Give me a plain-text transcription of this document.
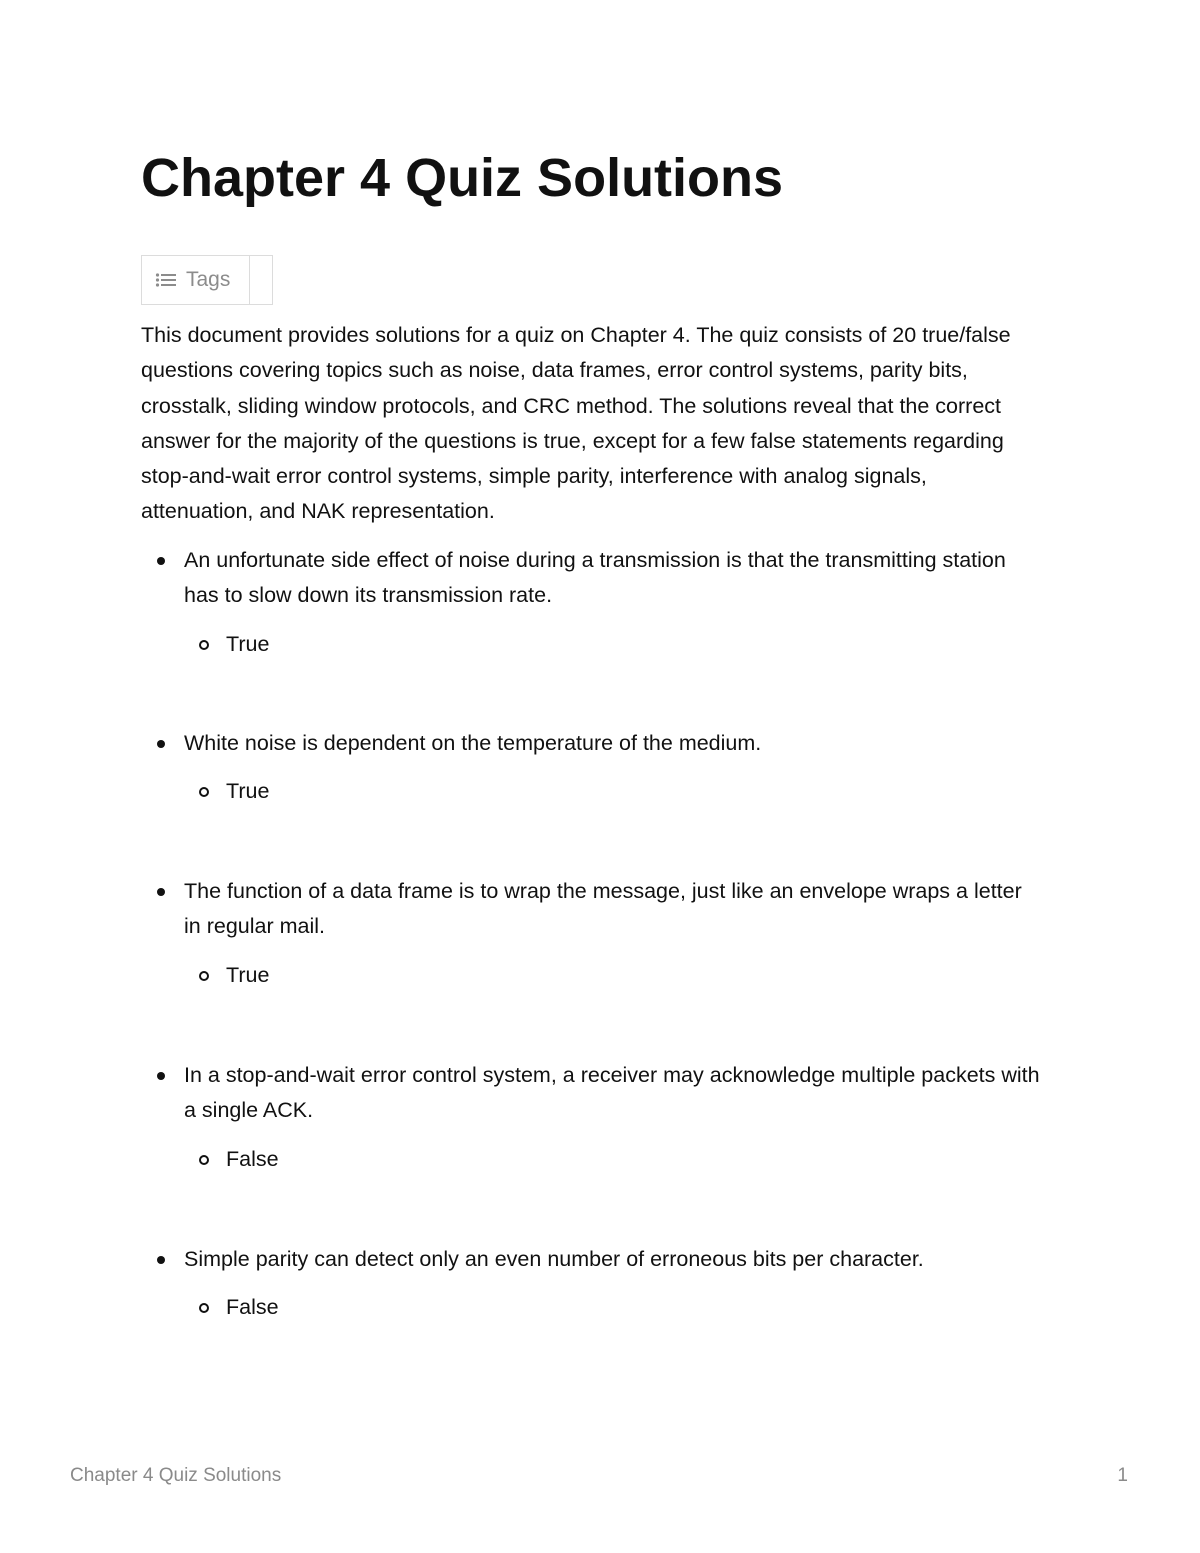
Chapter 4 Quiz Solutions
Tags

This document provides solutions for a quiz on Chapter 4. The quiz consists of 20 true/false questions covering topics such as noise, data frames, error control systems, parity bits, crosstalk, sliding window protocols, and CRC method. The solutions reveal that the correct answer for the majority of the questions is true, except for a few false statements regarding stop-and-wait error control systems, simple parity, interference with analog signals, attenuation, and NAK representation.

An unfortunate side effect of noise during a transmission is that the transmitting station has to slow down its transmission rate.
True
White noise is dependent on the temperature of the medium.
True
The function of a data frame is to wrap the message, just like an envelope wraps a letter in regular mail.
True
In a stop-and-wait error control system, a receiver may acknowledge multiple packets with a single ACK.
False
Simple parity can detect only an even number of erroneous bits per character.
False
Chapter 4 Quiz Solutions	1
